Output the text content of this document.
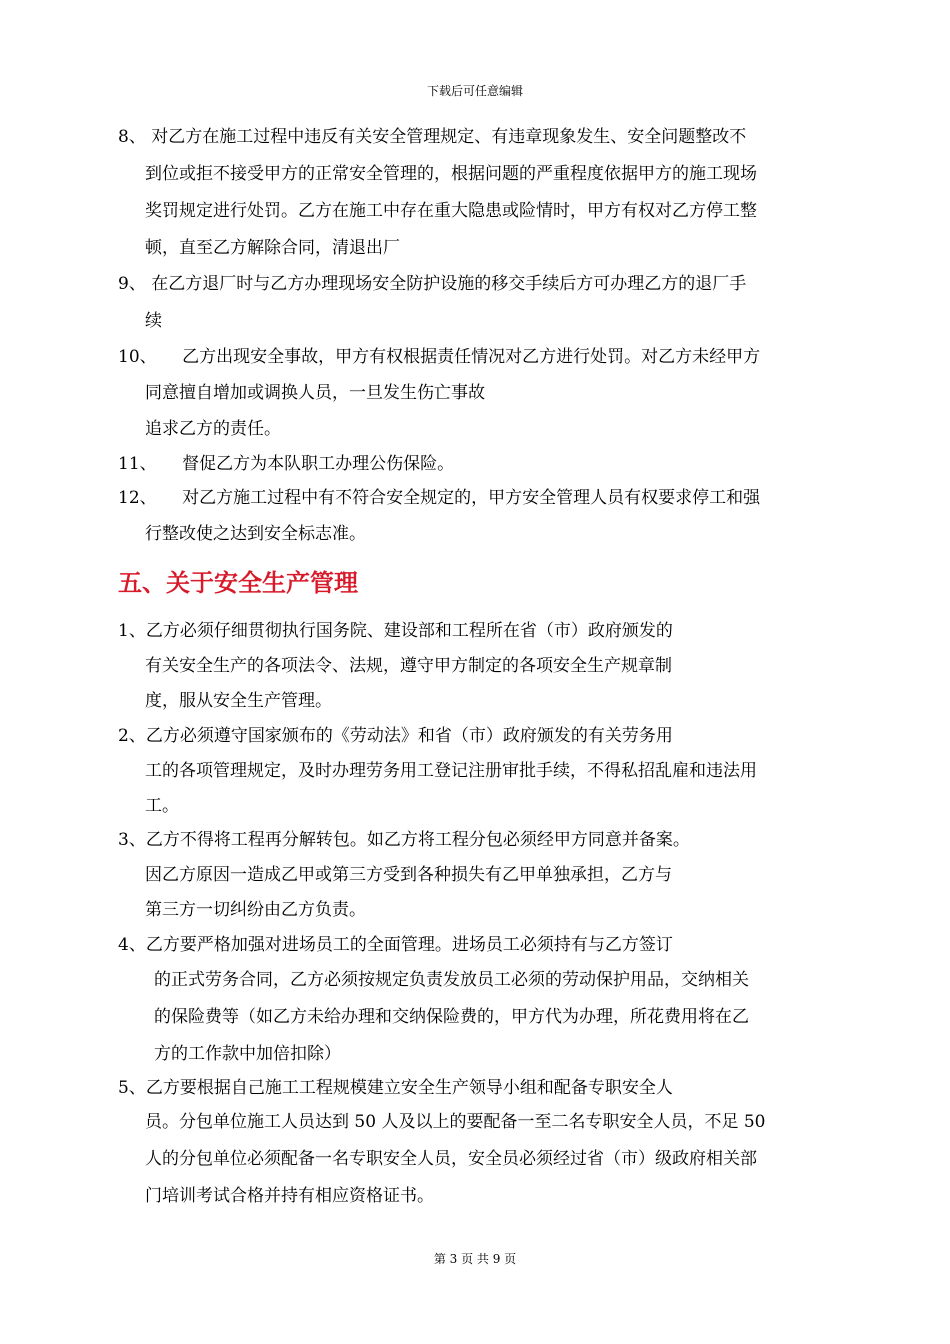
下载后可任意编辑
8、 对乙方在施工过程中违反有关安全管理规定、有违章现象发生、安全问题整改不
到位或拒不接受甲方的正常安全管理的，根据问题的严重程度依据甲方的施工现场
奖罚规定进行处罚。乙方在施工中存在重大隐患或险情时，甲方有权对乙方停工整
顿，直至乙方解除合同，清退出厂
9、 在乙方退厂时与乙方办理现场安全防护设施的移交手续后方可办理乙方的退厂手
续
10、　　乙方出现安全事故，甲方有权根据责任情况对乙方进行处罚。对乙方未经甲方
同意擅自增加或调换人员，一旦发生伤亡事故
追求乙方的责任。
11、　　督促乙方为本队职工办理公伤保险。
12、　　对乙方施工过程中有不符合安全规定的，甲方安全管理人员有权要求停工和强
行整改使之达到安全标志准。
五、关于安全生产管理
1、乙方必须仔细贯彻执行国务院、建设部和工程所在省（市）政府颁发的
有关安全生产的各项法令、法规，遵守甲方制定的各项安全生产规章制
度，服从安全生产管理。
2、乙方必须遵守国家颁布的《劳动法》和省（市）政府颁发的有关劳务用
工的各项管理规定，及时办理劳务用工登记注册审批手续，不得私招乱雇和违法用
工。
3、乙方不得将工程再分解转包。如乙方将工程分包必须经甲方同意并备案。
因乙方原因一造成乙甲或第三方受到各种损失有乙甲单独承担，乙方与
第三方一切纠纷由乙方负责。
4、乙方要严格加强对进场员工的全面管理。进场员工必须持有与乙方签订
的正式劳务合同，乙方必须按规定负责发放员工必须的劳动保护用品，交纳相关
的保险费等（如乙方未给办理和交纳保险费的，甲方代为办理，所花费用将在乙
方的工作款中加倍扣除）
5、乙方要根据自己施工工程规模建立安全生产领导小组和配备专职安全人
员。分包单位施工人员达到 50 人及以上的要配备一至二名专职安全人员，不足 50
人的分包单位必须配备一名专职安全人员，安全员必须经过省（市）级政府相关部
门培训考试合格并持有相应资格证书。
第 3 页 共 9 页
